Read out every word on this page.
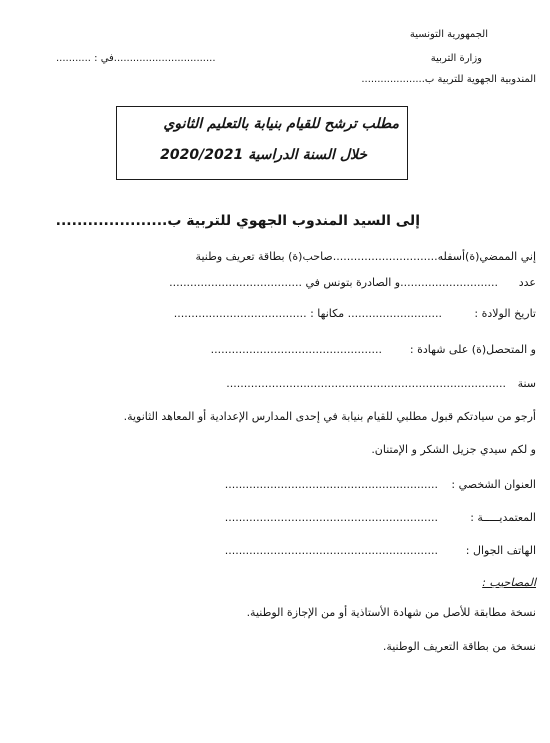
الجمهورية التونسية
وزارة التربية
المندوبية الجهوية للتربية ب....................
................................في : ...........
مطلب ترشح للقيام بنيابة بالتعليم الثانوي
خلال السنة الدراسية 2020/2021
إلى السيد المندوب الجهوي للتربية ب.....................
إني الممضي(ة)أسفله..............................صاحب(ة) بطاقة تعريف وطنية
عدد
............................و الصادرة بتونس في ......................................
تاريخ الولادة :
........................... مكانها : ......................................
و المتحصل(ة) على شهادة :
.................................................
سنة
................................................................................
أرجو من سيادتكم قبول مطلبي للقيام بنيابة في إحدى المدارس الإعدادية أو المعاهد الثانوية.
و لكم سيدي جزيل الشكر و الإمتنان.
العنوان الشخصي :
.............................................................
المعتمديـــــة :
.............................................................
الهاتف الجوال :
.............................................................
المصاحيب :
نسخة مطابقة للأصل من شهادة الأستاذية أو من الإجازة الوطنية.
نسخة من بطاقة التعريف الوطنية.
